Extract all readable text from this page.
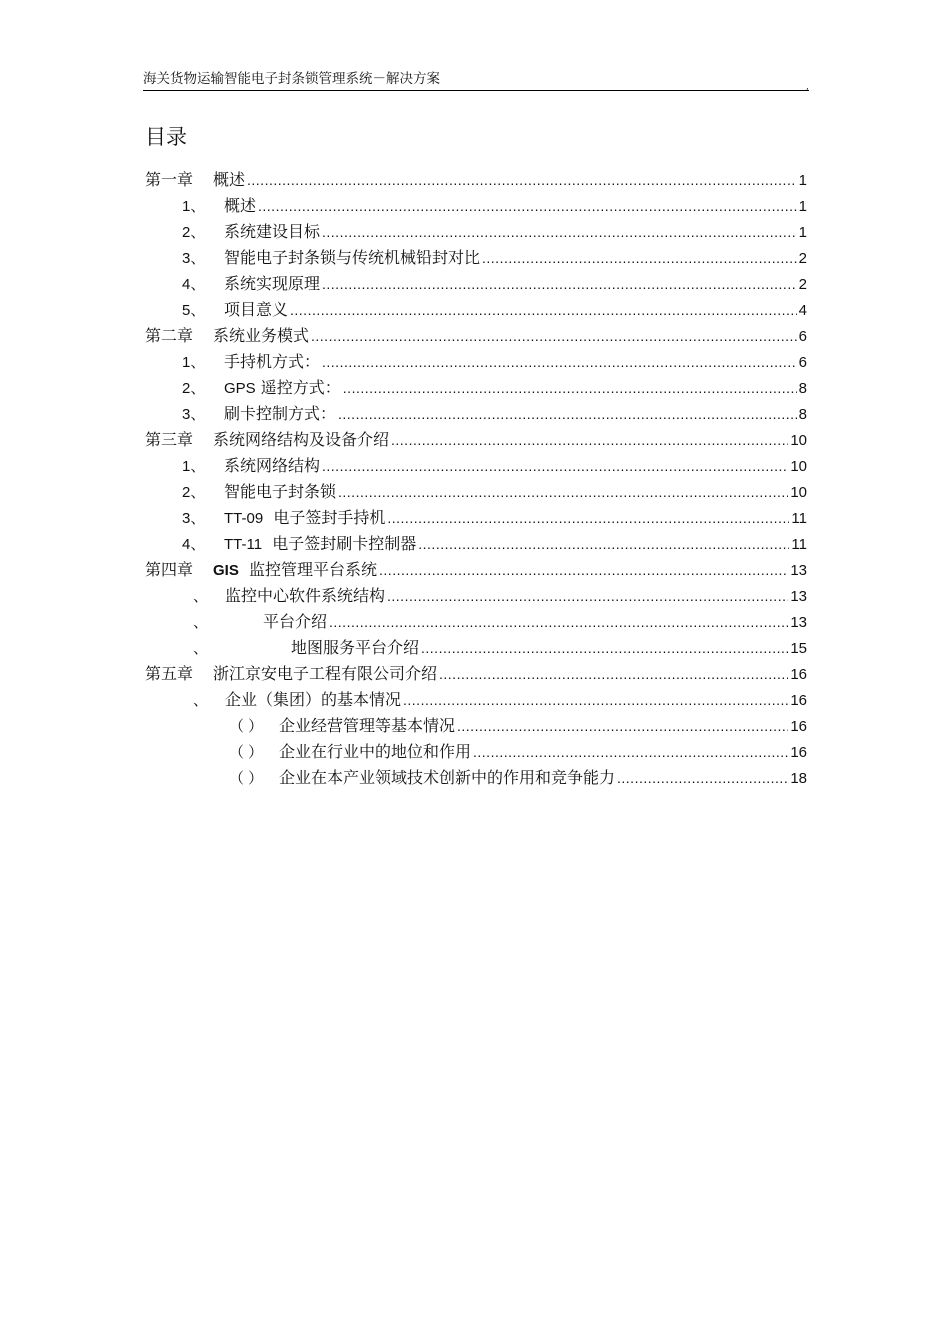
海关货物运输智能电子封条锁管理系统－解决方案	,
目录
第一章	概述 .....	1
1、	概述 .....	1
2、	系统建设目标 .....	1
3、	智能电子封条锁与传统机械铅封对比 .....	2
4、	系统实现原理 .....	2
5、	项目意义 .....	4
第二章	系统业务模式 .....	6
1、	手持机方式： .....	6
2、	GPS 遥控方式： .....	8
3、	刷卡控制方式： .....	8
第三章	系统网络结构及设备介绍 .....	10
1、	系统网络结构 .....	10
2、	智能电子封条锁 .....	10
3、	TT-09 电子签封手持机 .....	11
4、	TT-11 电子签封刷卡控制器 .....	11
第四章	GIS 监控管理平台系统 .....	13
、	监控中心软件系统结构 .....	13
、	平台介绍 .....	13
、	地图服务平台介绍 .....	15
第五章	浙江京安电子工程有限公司介绍 .....	16
、	企业（集团）的基本情况 .....	16
（ ） 企业经营管理等基本情况 .....	16
（ ） 企业在行业中的地位和作用 .....	16
（ ） 企业在本产业领域技术创新中的作用和竞争能力 .....	18
